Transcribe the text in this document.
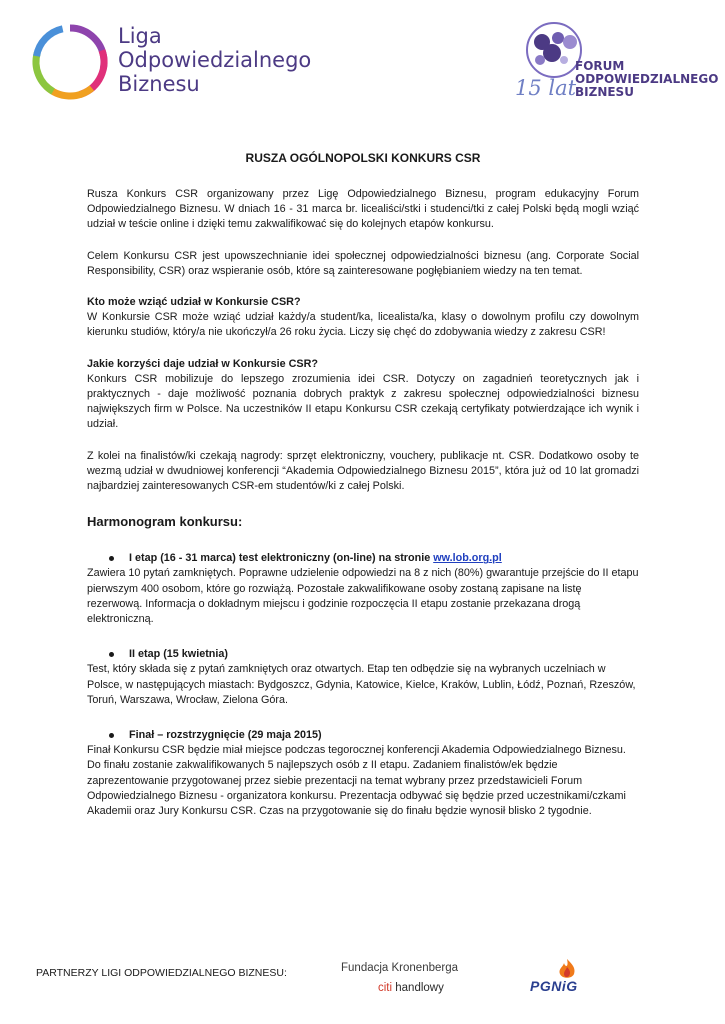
Liga
Odpowiedzialnego
Biznesu
FORUM
ODPOWIEDZIALNEGO
BIZNESU
15 lat
RUSZA OGÓLNOPOLSKI KONKURS CSR

Rusza Konkurs CSR organizowany przez Ligę Odpowiedzialnego Biznesu, program edukacyjny Forum Odpowiedzialnego Biznesu. W dniach 16 - 31 marca br. licealiści/stki i studenci/tki z całej Polski będą mogli wziąć udział w teście online i dzięki temu zakwalifikować się do kolejnych etapów konkursu.

Celem Konkursu CSR jest upowszechnianie idei społecznej odpowiedzialności biznesu (ang. Corporate Social Responsibility, CSR) oraz wspieranie osób, które są zainteresowane pogłębianiem wiedzy na ten temat.

Kto może wziąć udział w Konkursie CSR?
W Konkursie CSR może wziąć udział każdy/a student/ka, licealista/ka, klasy o dowolnym profilu czy dowolnym kierunku studiów, który/a nie ukończył/a 26 roku życia. Liczy się chęć do zdobywania wiedzy z zakresu CSR!

Jakie korzyści daje udział w Konkursie CSR?
Konkurs CSR mobilizuje do lepszego zrozumienia idei CSR. Dotyczy on zagadnień teoretycznych jak i praktycznych - daje możliwość poznania dobrych praktyk z zakresu społecznej odpowiedzialności biznesu największych firm w Polsce. Na uczestników II etapu Konkursu CSR czekają certyfikaty potwierdzające ich wynik i udział.

Z kolei na finalistów/ki czekają nagrody: sprzęt elektroniczny, vouchery, publikacje nt. CSR. Dodatkowo osoby te wezmą udział w dwudniowej konferencji “Akademia Odpowiedzialnego Biznesu 2015”, która już od 10 lat gromadzi najbardziej zainteresowanych CSR-em studentów/ki z całej Polski.

Harmonogram konkursu:
I etap (16 - 31 marca) test elektroniczny (on-line) na stronie ww.lob.org.pl

Zawiera 10 pytań zamkniętych. Poprawne udzielenie odpowiedzi na 8 z nich (80%) gwarantuje przejście do II etapu pierwszym 400 osobom, które go rozwiążą. Pozostałe zakwalifikowane osoby zostaną zapisane na listę rezerwową. Informacja o dokładnym miejscu i godzinie rozpoczęcia II etapu zostanie przekazana drogą elektroniczną.

II etap (15 kwietnia)

Test, który składa się z pytań zamkniętych oraz otwartych. Etap ten odbędzie się na wybranych uczelniach w Polsce, w następujących miastach: Bydgoszcz, Gdynia, Katowice, Kielce, Kraków, Lublin, Łódź, Poznań, Rzeszów, Toruń, Warszawa, Wrocław, Zielona Góra.

Finał – rozstrzygnięcie (29 maja 2015)

Finał Konkursu CSR będzie miał miejsce podczas tegorocznej konferencji Akademia Odpowiedzialnego Biznesu. Do finału zostanie zakwalifikowanych 5 najlepszych osób z II etapu. Zadaniem finalistów/ek będzie zaprezentowanie przygotowanej przez siebie prezentacji na temat wybrany przez przedstawicieli Forum Odpowiedzialnego Biznesu - organizatora konkursu. Prezentacja odbywać się będzie przed uczestnikami/czkami Akademii oraz Jury Konkursu CSR. Czas na przygotowanie się do finału będzie wynosił blisko 2 tygodnie.

PARTNERZY LIGI ODPOWIEDZIALNEGO BIZNESU:	Fundacja Kronenberga
citi handlowy	PGNiG
